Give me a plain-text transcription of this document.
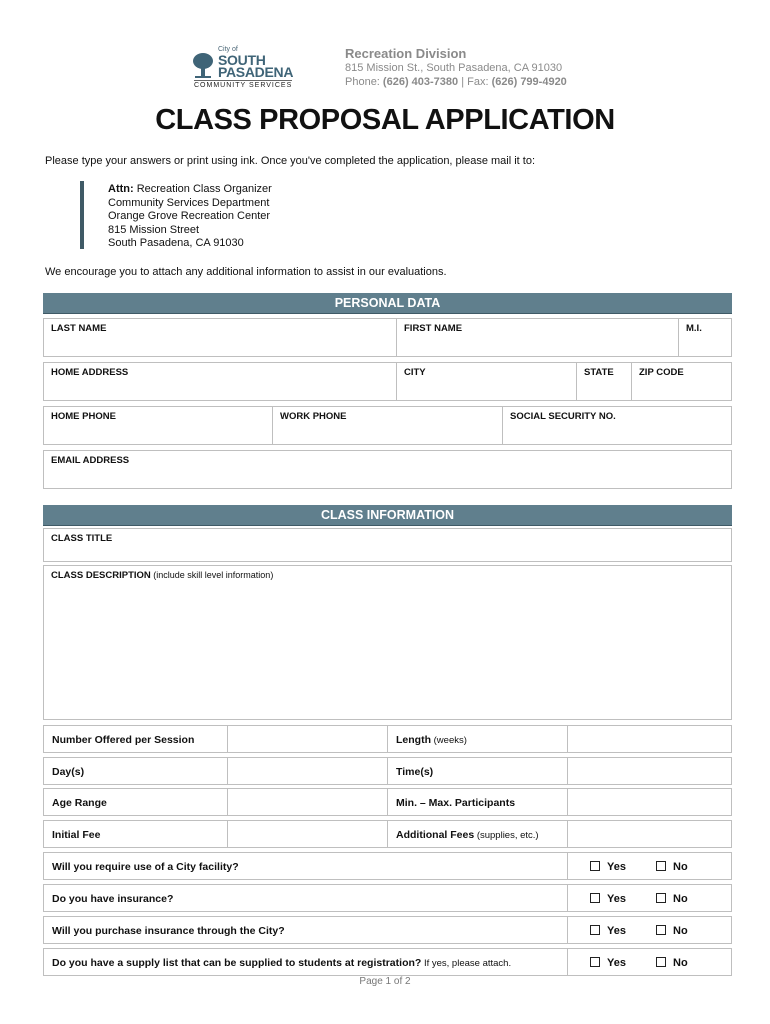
City of
SOUTH
PASADENA
COMMUNITY SERVICES
Recreation Division
815 Mission St., South Pasadena, CA 91030
Phone: (626) 403-7380 | Fax: (626) 799-4920
CLASS PROPOSAL APPLICATION
Please type your answers or print using ink. Once you've completed the application, please mail it to:
Attn: Recreation Class Organizer
Community Services Department
Orange Grove Recreation Center
815 Mission Street
South Pasadena, CA 91030
We encourage you to attach any additional information to assist in our evaluations.
PERSONAL DATA
LAST NAME	FIRST NAME	M.I.
HOME ADDRESS	CITY	STATE	ZIP CODE
HOME PHONE	WORK PHONE	SOCIAL SECURITY NO.
EMAIL ADDRESS
CLASS INFORMATION
CLASS TITLE
CLASS DESCRIPTION (include skill level information)
Number Offered per Session	Length (weeks)
Day(s)	Time(s)
Age Range	Min. – Max. Participants
Initial Fee	Additional Fees (supplies, etc.)
Will you require use of a City facility?	Yes	No
Do you have insurance?	Yes	No
Will you purchase insurance through the City?	Yes	No
Do you have a supply list that can be supplied to students at registration? If yes, please attach.	Yes	No
Page 1 of 2
